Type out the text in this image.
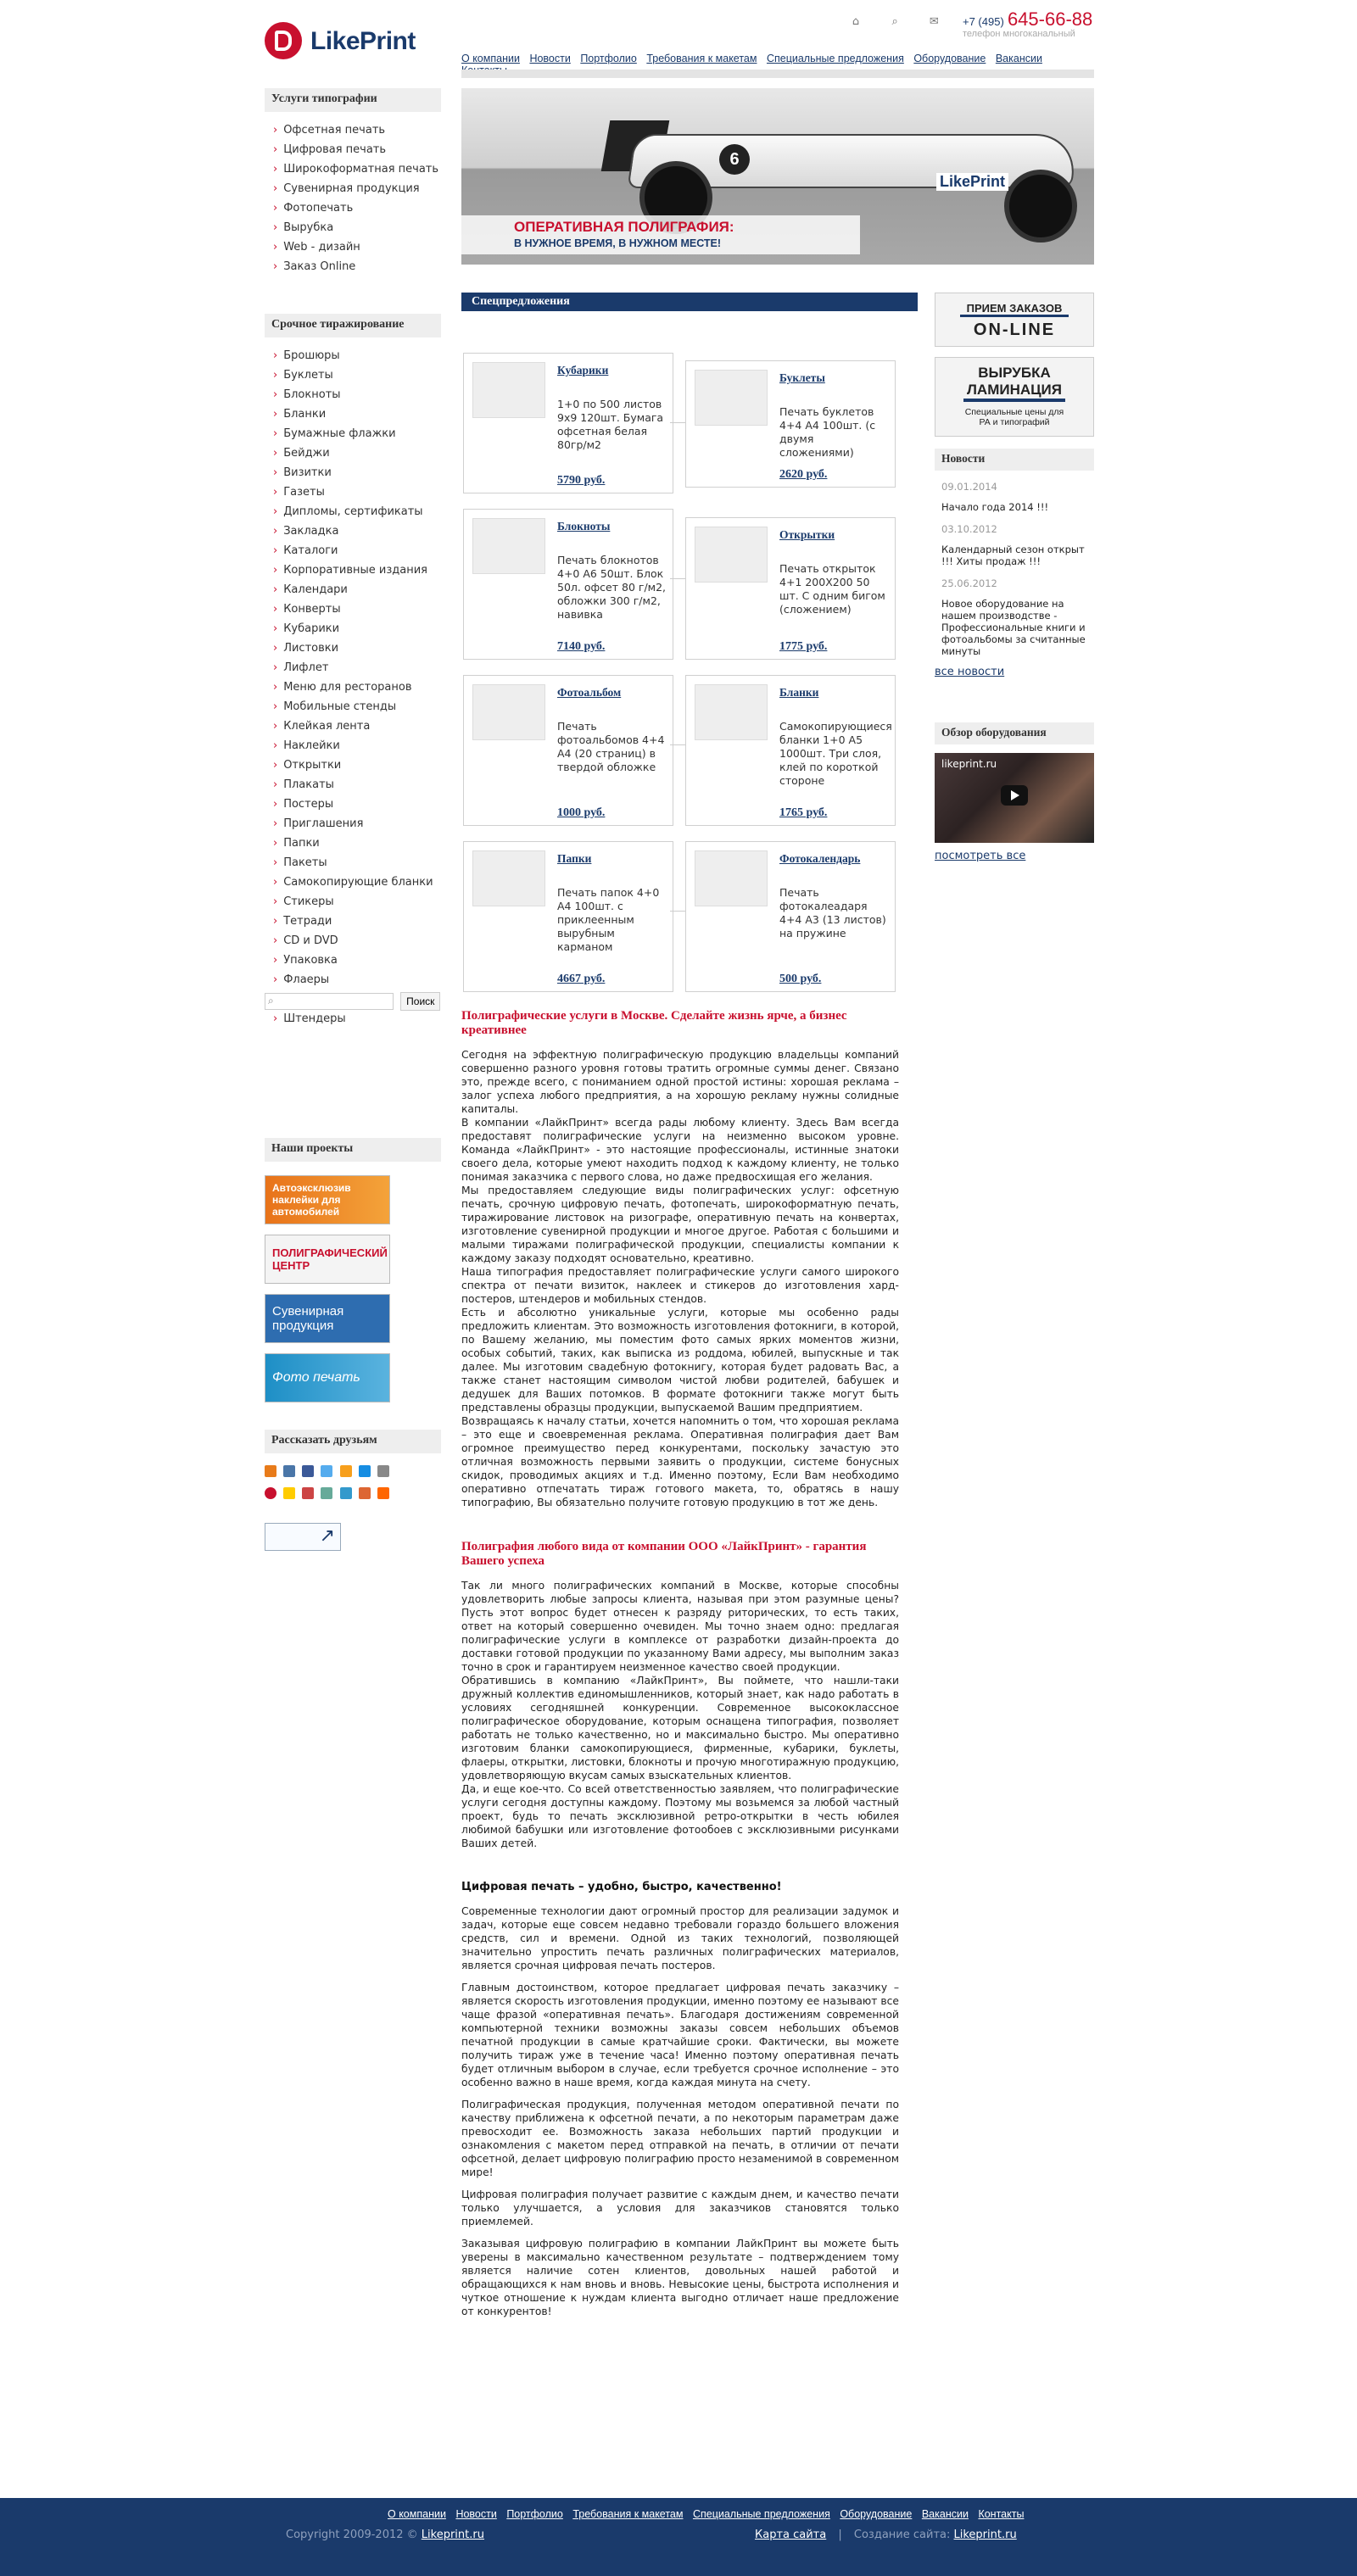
LikePrint
⌂	⌕	✉	+7 (495) 645-66-88
телефон многоканальный
О компании Новости Портфолио Требования к макетам Специальные предложения Оборудование Вакансии
Услуги типографии
› Офсетная печать
› Цифровая печать
› Широкоформатная печать
› Сувенирная продукция
› Фотопечать
› Вырубка
› Web - дизайн
› Заказ Online
Срочное тиражирование
› Брошюры
› Буклеты
› Блокноты
› Бланки
› Бумажные флажки
› Бейджи
› Визитки
› Газеты
› Дипломы, сертификаты
› Закладка
› Каталоги
› Корпоративные издания
› Календари
› Конверты
› Кубарики
› Листовки
› Лифлет
› Меню для ресторанов
› Мобильные стенды
› Клейкая лента
› Наклейки
› Открытки
› Плакаты
› Постеры
› Приглашения
› Папки
› Пакеты
› Самокопирующие бланки
› Стикеры
› Тетради
› CD и DVD
› Упаковка
› Флаеры
›
› Штендеры
⌕	Поиск
Наши проекты
Автоэксклюзив наклейки для автомобилей
ПОЛИГРАФИЧЕСКИЙ ЦЕНТР
Сувенирная продукция
Фото печать
Рассказать друзьям

↗
6
LikePrint
ОПЕРАТИВНАЯ ПОЛИГРАФИЯ:
В НУЖНОЕ ВРЕМЯ, В НУЖНОМ МЕСТЕ!
Спецпредложения
Кубарики
1+0 по 500 листов 9х9 120шт. Бумага офсетная белая 80гр/м2
5790 руб.
Буклеты
Печать буклетов 4+4 А4 100шт. (с двумя сложениями)
2620 руб.
Блокноты
Печать блокнотов 4+0 А6 50шт. Блок 50л. офсет 80 г/м2, обложки 300 г/м2, навивка
7140 руб.
Открытки
Печать открыток 4+1 200Х200 50 шт. С одним бигом (сложением)
1775 руб.
Фотоальбом
Печать фотоальбомов 4+4 А4 (20 страниц) в твердой обложке
1000 руб.
Бланки
Самокопирующиеся бланки 1+0 А5 1000шт. Три слоя, клей по короткой стороне
1765 руб.
Папки
Печать папок 4+0 А4 100шт. с приклеенным вырубным карманом
4667 руб.
Фотокалендарь
Печать фотокалеадаря 4+4 А3 (13 листов) на пружине
500 руб.
Полиграфические услуги в Москве. Сделайте жизнь ярче, а бизнес креативнее

Сегодня на эффектную полиграфическую продукцию владельцы компаний совершенно разного уровня готовы тратить огромные суммы денег. Связано это, прежде всего, с пониманием одной простой истины: хорошая реклама – залог успеха любого предприятия, а на хорошую рекламу нужны солидные капиталы.

В компании «ЛайкПринт» всегда рады любому клиенту. Здесь Вам всегда предоставят полиграфические услуги на неизменно высоком уровне. Команда «ЛайкПринт» - это настоящие профессионалы, истинные знатоки своего дела, которые умеют находить подход к каждому клиенту, не только понимая заказчика с первого слова, но даже предвосхищая его желания.

Мы предоставляем следующие виды полиграфических услуг: офсетную печать, срочную цифровую печать, фотопечать, широкоформатную печать, тиражирование листовок на ризографе, оперативную печать на конвертах, изготовление сувенирной продукции и многое другое. Работая с большими и малыми тиражами полиграфической продукции, специалисты компании к каждому заказу подходят основательно, креативно.

Наша типография предоставляет полиграфические услуги самого широкого спектра от печати визиток, наклеек и стикеров до изготовления хард-постеров, штендеров и мобильных стендов.

Есть и абсолютно уникальные услуги, которые мы особенно рады предложить клиентам. Это возможность изготовления фотокниги, в которой, по Вашему желанию, мы поместим фото самых ярких моментов жизни, особых событий, таких, как выписка из роддома, юбилей, выпускные и так далее. Мы изготовим свадебную фотокнигу, которая будет радовать Вас, а также станет настоящим символом чистой любви родителей, бабушек и дедушек для Ваших потомков. В формате фотокниги также могут быть представлены образцы продукции, выпускаемой Вашим предприятием.

Возвращаясь к началу статьи, хочется напомнить о том, что хорошая реклама – это еще и своевременная реклама. Оперативная полиграфия дает Вам огромное преимущество перед конкурентами, поскольку зачастую это отличная возможность первыми заявить о продукции, системе бонусных скидок, проводимых акциях и т.д. Именно поэтому, Если Вам необходимо оперативно отпечатать тираж готового макета, то, обратясь в нашу типографию, Вы обязательно получите готовую продукцию в тот же день.

Полиграфия любого вида от компании ООО «ЛайкПринт» - гарантия Вашего успеха

Так ли много полиграфических компаний в Москве, которые способны удовлетворить любые запросы клиента, называя при этом разумные цены? Пусть этот вопрос будет отнесен к разряду риторических, то есть таких, ответ на который совершенно очевиден. Мы точно знаем одно: предлагая полиграфические услуги в комплексе от разработки дизайн-проекта до доставки готовой продукции по указанному Вами адресу, мы выполним заказ точно в срок и гарантируем неизменное качество своей продукции.

Обратившись в компанию «ЛайкПринт», Вы поймете, что нашли-таки дружный коллектив единомышленников, который знает, как надо работать в условиях сегодняшней конкуренции. Современное высококлассное полиграфическое оборудование, которым оснащена типография, позволяет работать не только качественно, но и максимально быстро. Мы оперативно изготовим бланки самокопирующиеся, фирменные, кубарики, буклеты, флаеры, открытки, листовки, блокноты и прочую многотиражную продукцию, удовлетворяющую вкусам самых взыскательных клиентов.

Да, и еще кое-что. Со всей ответственностью заявляем, что полиграфические услуги сегодня доступны каждому. Поэтому мы возьмемся за любой частный проект, будь то печать эксклюзивной ретро-открытки в честь юбилея любимой бабушки или изготовление фотообоев с эксклюзивными рисунками Ваших детей.

Цифровая печать – удобно, быстро, качественно!

Современные технологии дают огромный простор для реализации задумок и задач, которые еще совсем недавно требовали гораздо большего вложения средств, сил и времени. Одной из таких технологий, позволяющей значительно упростить печать различных полиграфических материалов, является срочная цифровая печать постеров.

Главным достоинством, которое предлагает цифровая печать заказчику – является скорость изготовления продукции, именно поэтому ее называют все чаще фразой «оперативная печать». Благодаря достижениям современной компьютерной техники возможны заказы совсем небольших объемов печатной продукции в самые кратчайшие сроки. Фактически, вы можете получить тираж уже в течение часа! Именно поэтому оперативная печать будет отличным выбором в случае, если требуется срочное исполнение – это особенно важно в наше время, когда каждая минута на счету.

Полиграфическая продукция, полученная методом оперативной печати по качеству приближена к офсетной печати, а по некоторым параметрам даже превосходит ее. Возможность заказа небольших партий продукции и ознакомления с макетом перед отправкой на печать, в отличии от печати офсетной, делает цифровую полиграфию просто незаменимой в современном мире!

Цифровая полиграфия получает развитие с каждым днем, и качество печати только улучшается, а условия для заказчиков становятся только приемлемей.

Заказывая цифровую полиграфию в компании ЛайкПринт вы можете быть уверены в максимально качественном результате – подтверждением тому является наличие сотен клиентов, довольных нашей работой и обращающихся к нам вновь и вновь. Невысокие цены, быстрота исполнения и чуткое отношение к нуждам клиента выгодно отличает наше предложение от конкурентов!

ПРИЕМ ЗАКАЗОВ
ON-LINE
ВЫРУБКА
ЛАМИНАЦИЯ
Специальные цены для РА и типографий
Новости
09.01.2014
Начало года 2014 !!!
03.10.2012
Календарный сезон открыт !!! Хиты продаж !!!
25.06.2012
Новое оборудование на нашем производстве - Профессиональные книги и фотоальбомы за считанные минуты
все новости
Обзор оборудования
likeprint.ru
посмотреть все
О компании Новости Портфолио Требования к макетам Специальные предложения Оборудование Вакансии Контакты
Copyright 2009-2012 © Likeprint.ru	Карта сайта | Создание сайта: Likeprint.ru
